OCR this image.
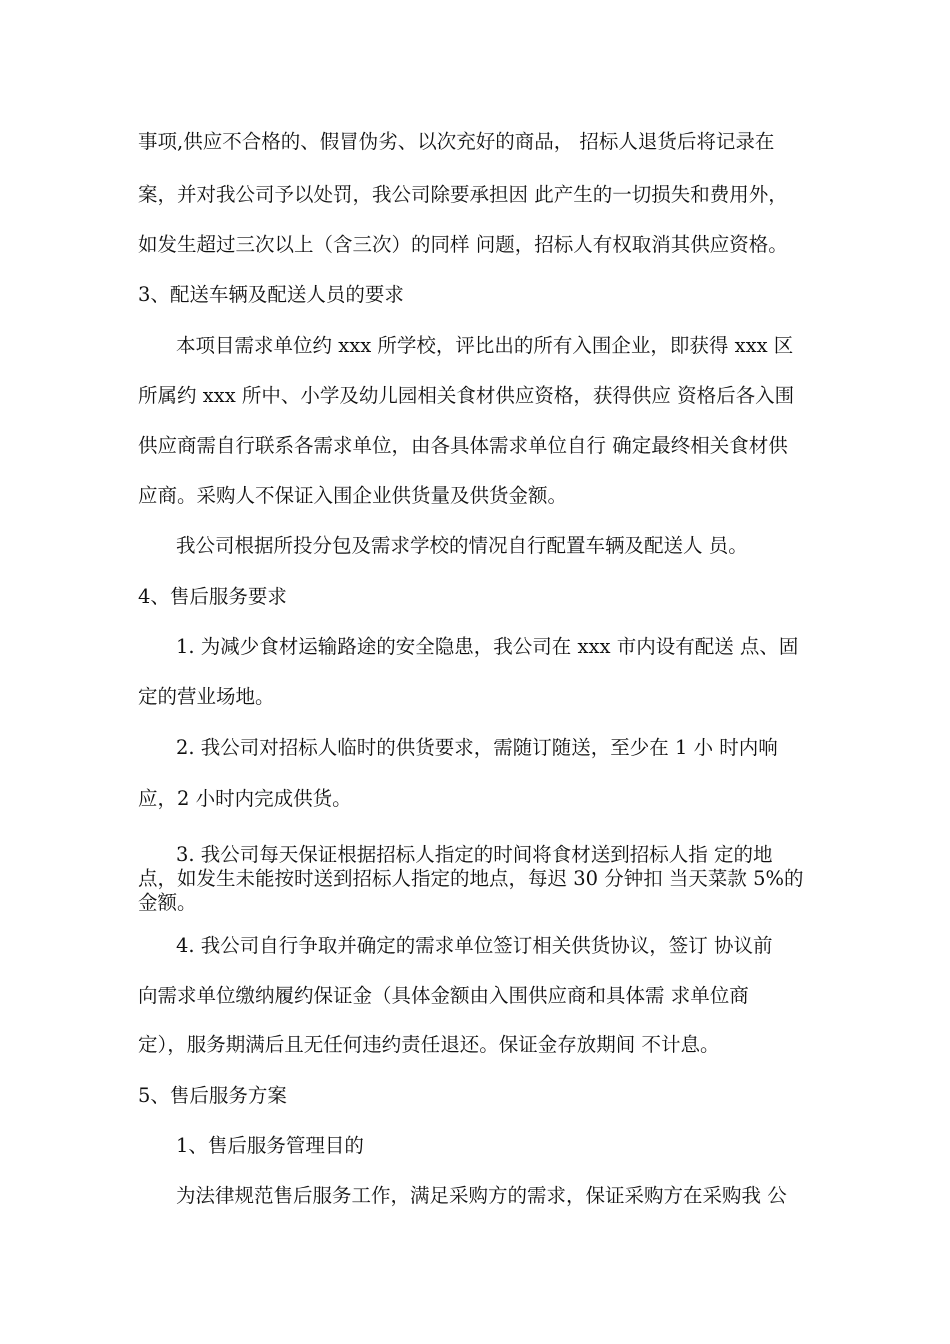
事项,供应不合格的、假冒伪劣、以次充好的商品， 招标人退货后将记录在
案，并对我公司予以处罚，我公司除要承担因 此产生的一切损失和费用外，
如发生超过三次以上（含三次）的同样 问题，招标人有权取消其供应资格。
3、配送车辆及配送人员的要求
本项目需求单位约 xxx 所学校，评比出的所有入围企业，即获得 xxx 区
所属约 xxx 所中、小学及幼儿园相关食材供应资格，获得供应 资格后各入围
供应商需自行联系各需求单位，由各具体需求单位自行 确定最终相关食材供
应商。采购人不保证入围企业供货量及供货金额。
我公司根据所投分包及需求学校的情况自行配置车辆及配送人 员。
4、售后服务要求
1. 为减少食材运输路途的安全隐患，我公司在 xxx 市内设有配送 点、固
定的营业场地。
2. 我公司对招标人临时的供货要求，需随订随送，至少在 1 小 时内响
应，2 小时内完成供货。
3. 我公司每天保证根据招标人指定的时间将食材送到招标人指 定的地
点，如发生未能按时送到招标人指定的地点，每迟 30 分钟扣 当天菜款 5%的
金额。
4. 我公司自行争取并确定的需求单位签订相关供货协议，签订 协议前
向需求单位缴纳履约保证金（具体金额由入围供应商和具体需 求单位商
定），服务期满后且无任何违约责任退还。保证金存放期间 不计息。
5、售后服务方案
1、售后服务管理目的
为法律规范售后服务工作，满足采购方的需求，保证采购方在采购我 公
